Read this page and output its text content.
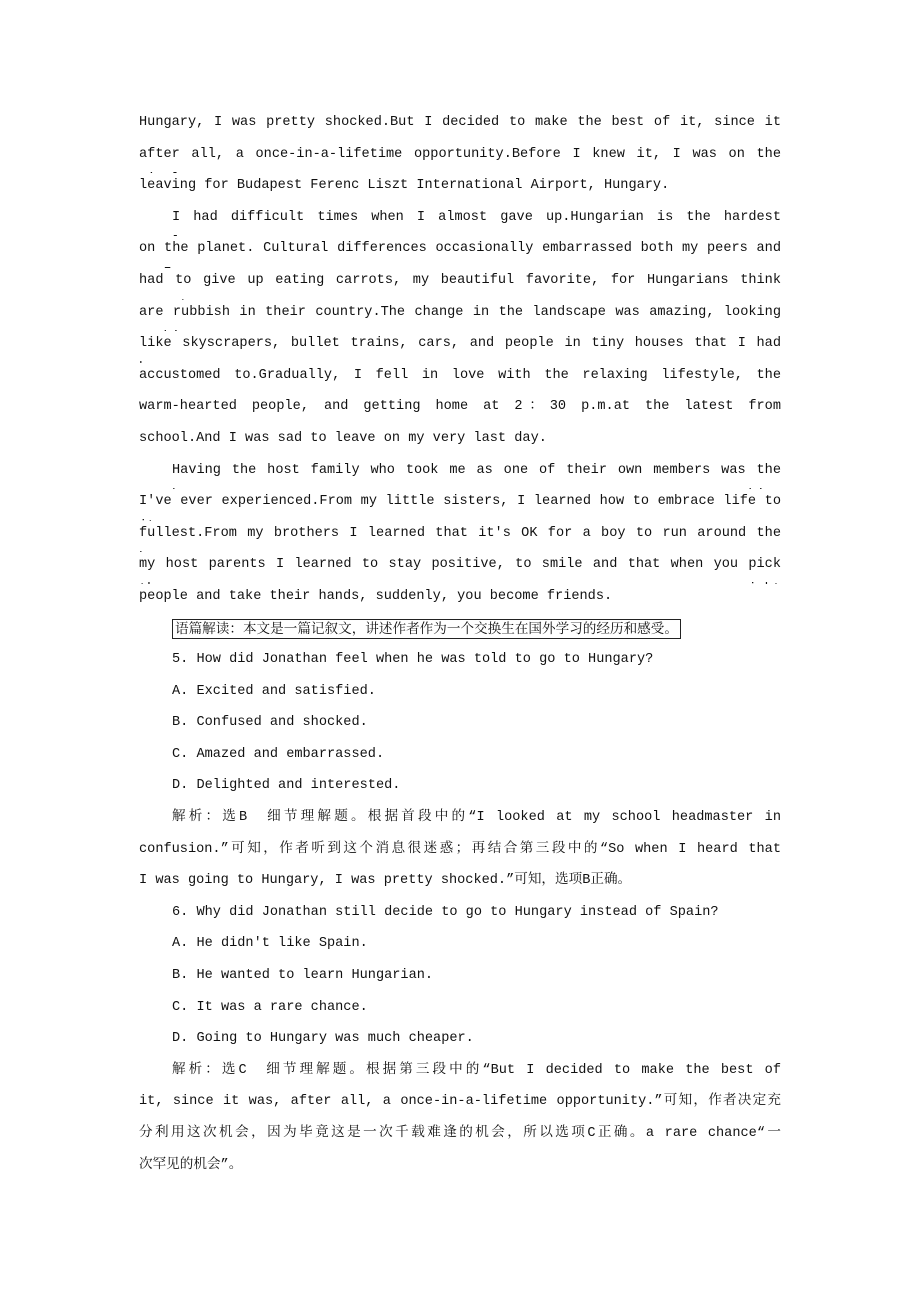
Hungary, I was pretty shocked.But I decided to make the best of it, since it
after all, a once-in-a-lifetime opportunity.Before I knew it, I was on the
leaving for Budapest Ferenc Liszt International Airport, Hungary.
I had difficult times when I almost gave up.Hungarian is the hardest
on the planet. Cultural differences occasionally embarrassed both my peers and
had to give up eating carrots, my beautiful favorite, for Hungarians think
are rubbish in their country.The change in the landscape was amazing, looking
like skyscrapers, bullet trains, cars, and people in tiny houses that I had
accustomed to.Gradually, I fell in love with the relaxing lifestyle, the
warm-hearted people, and getting home at 2：30 p.m.at the latest from
school.And I was sad to leave on my very last day.
Having the host family who took me as one of their own members was the
I've ever experienced.From my little sisters, I learned how to embrace life to
fullest.From my brothers I learned that it's OK for a boy to run around the
my host parents I learned to stay positive, to smile and that when you pick
people and take their hands, suddenly, you become friends.
语篇解读：本文是一篇记叙文，讲述作者作为一个交换生在国外学习的经历和感受。
5. How did Jonathan feel when he was told to go to Hungary?
A. Excited and satisfied.
B. Confused and shocked.
C. Amazed and embarrassed.
D. Delighted and interested.
解析：选B　细节理解题。根据首段中的“I looked at my school headmaster in
confusion.”可知，作者听到这个消息很迷惑；再结合第三段中的“So when I heard that
I was going to Hungary, I was pretty shocked.”可知，选项B正确。
6. Why did Jonathan still decide to go to Hungary instead of Spain?
A. He didn't like Spain.
B. He wanted to learn Hungarian.
C. It was a rare chance.
D. Going to Hungary was much cheaper.
解析：选C　细节理解题。根据第三段中的“But I decided to make the best of
it, since it was, after all, a once-in-a-lifetime opportunity.”可知，作者决定充
分利用这次机会，因为毕竟这是一次千载难逢的机会，所以选项C正确。a rare chance“一
次罕见的机会”。
